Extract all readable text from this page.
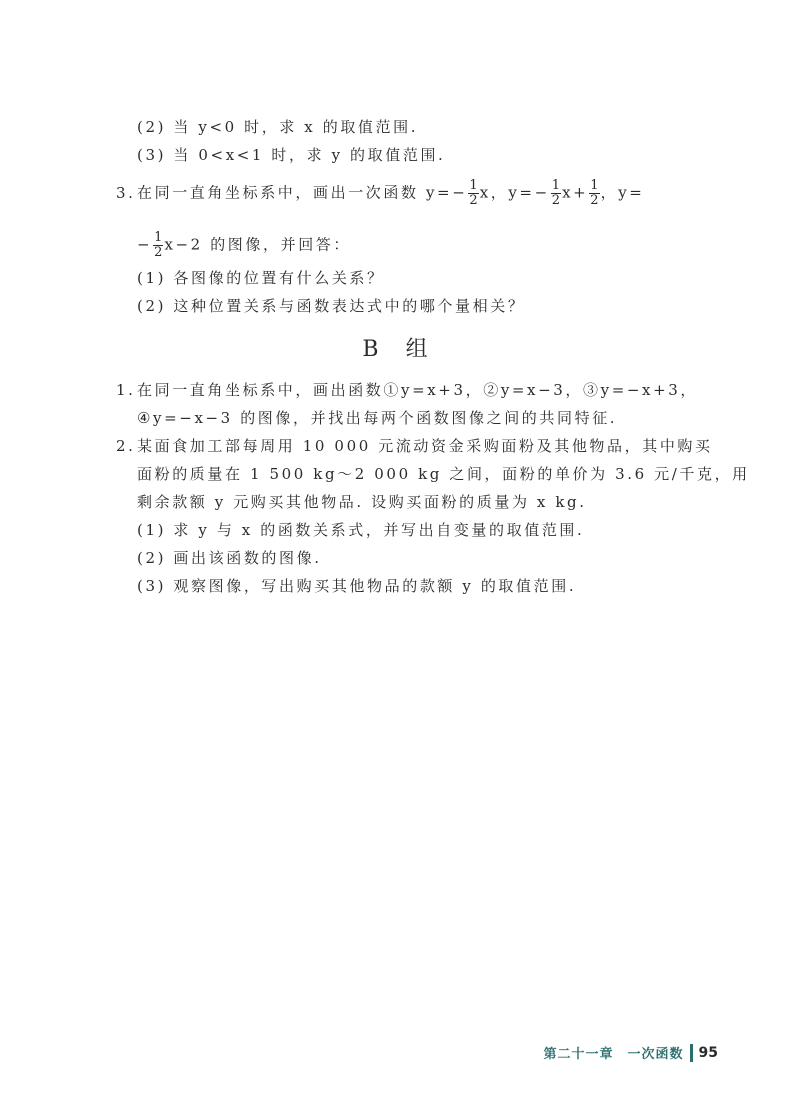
(2) 当 y<0 时，求 x 的取值范围.
(3) 当 0<x<1 时，求 y 的取值范围.
3. 在同一直角坐标系中，画出一次函数 $y=- \frac{1}{2}$ x，$y=- \frac{1}{2} x+ \frac{1}{2}$ ，y=
− $\frac{1}{2} x-2$ 的图像，并回答：
(1) 各图像的位置有什么关系？
(2) 这种位置关系与函数表达式中的哪个量相关？
B 组
1. 在同一直角坐标系中，画出函数①y=x+3，②y=x−3，③y=−x+3，
④y=−x−3 的图像，并找出每两个函数图像之间的共同特征.
2. 某面食加工部每周用 10 000 元流动资金采购面粉及其他物品，其中购买
面粉的质量在 1 500 kg～2 000 kg 之间，面粉的单价为 3.6 元/千克，用
剩余款额 y 元购买其他物品. 设购买面粉的质量为 x kg.
(1) 求 y 与 x 的函数关系式，并写出自变量的取值范围.
(2) 画出该函数的图像.
(3) 观察图像，写出购买其他物品的款额 y 的取值范围.
第二十一章　一次函数 95
